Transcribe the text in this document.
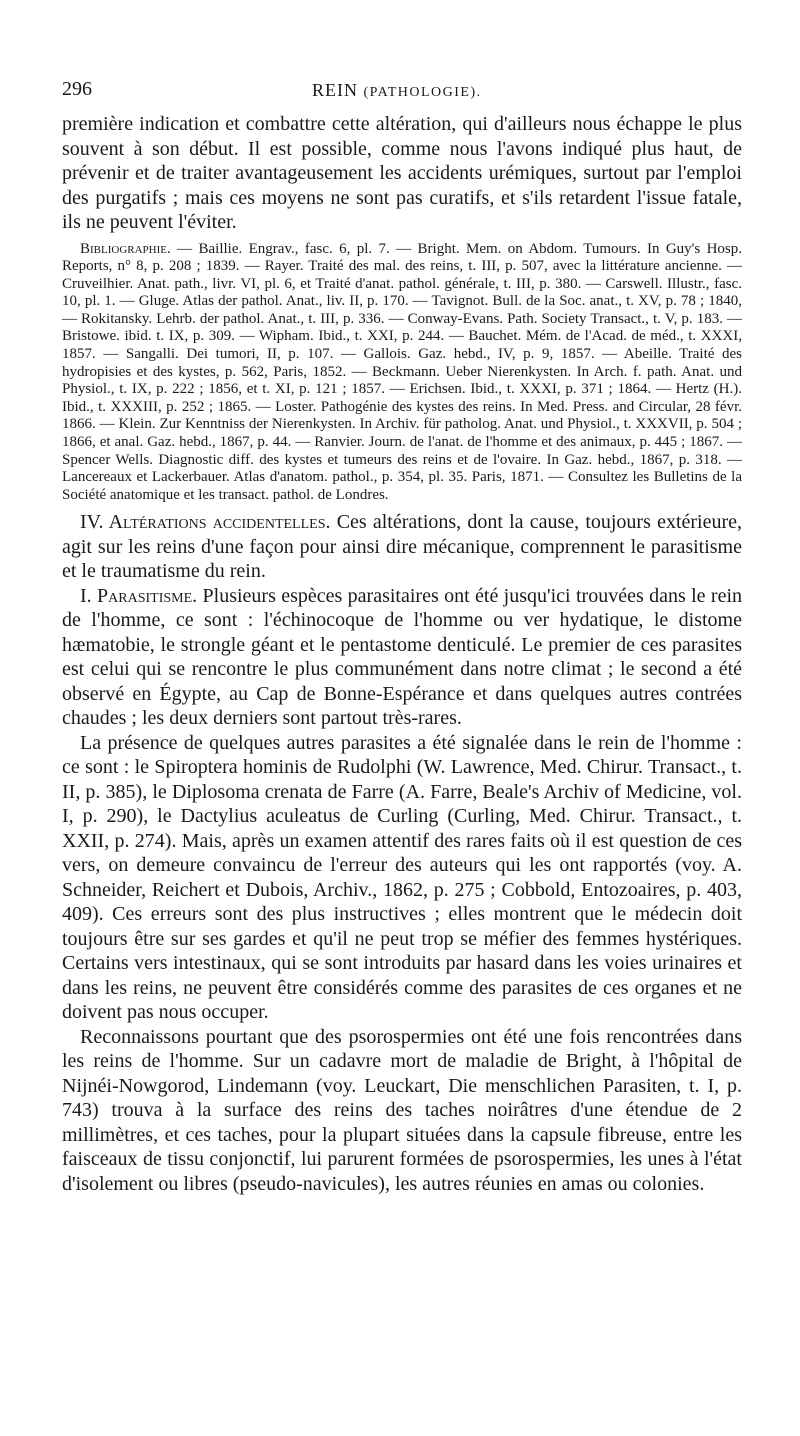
296	REIN (PATHOLOGIE).

première indication et combattre cette altération, qui d'ailleurs nous échappe le plus souvent à son début. Il est possible, comme nous l'avons indiqué plus haut, de prévenir et de traiter avantageusement les accidents urémiques, surtout par l'emploi des purgatifs ; mais ces moyens ne sont pas curatifs, et s'ils retardent l'issue fatale, ils ne peuvent l'éviter.

Bibliographie. — Baillie. Engrav., fasc. 6, pl. 7. — Bright. Mem. on Abdom. Tumours. In Guy's Hosp. Reports, n° 8, p. 208 ; 1839. — Rayer. Traité des mal. des reins, t. III, p. 507, avec la littérature ancienne. — Cruveilhier. Anat. path., livr. VI, pl. 6, et Traité d'anat. pathol. générale, t. III, p. 380. — Carswell. Illustr., fasc. 10, pl. 1. — Gluge. Atlas der pathol. Anat., liv. II, p. 170. — Tavignot. Bull. de la Soc. anat., t. XV, p. 78 ; 1840, — Rokitansky. Lehrb. der pathol. Anat., t. III, p. 336. — Conway-Evans. Path. Society Transact., t. V, p. 183. — Bristowe. ibid. t. IX, p. 309. — Wipham. Ibid., t. XXI, p. 244. — Bauchet. Mém. de l'Acad. de méd., t. XXXI, 1857. — Sangalli. Dei tumori, II, p. 107. — Gallois. Gaz. hebd., IV, p. 9, 1857. — Abeille. Traité des hydropisies et des kystes, p. 562, Paris, 1852. — Beckmann. Ueber Nierenkysten. In Arch. f. path. Anat. und Physiol., t. IX, p. 222 ; 1856, et t. XI, p. 121 ; 1857. — Erichsen. Ibid., t. XXXI, p. 371 ; 1864. — Hertz (H.). Ibid., t. XXXIII, p. 252 ; 1865. — Loster. Pathogénie des kystes des reins. In Med. Press. and Circular, 28 févr. 1866. — Klein. Zur Kenntniss der Nierenkysten. In Archiv. für patholog. Anat. und Physiol., t. XXXVII, p. 504 ; 1866, et anal. Gaz. hebd., 1867, p. 44. — Ranvier. Journ. de l'anat. de l'homme et des animaux, p. 445 ; 1867. — Spencer Wells. Diagnostic diff. des kystes et tumeurs des reins et de l'ovaire. In Gaz. hebd., 1867, p. 318. — Lancereaux et Lackerbauer. Atlas d'anatom. pathol., p. 354, pl. 35. Paris, 1871. — Consultez les Bulletins de la Société anatomique et les transact. pathol. de Londres.

IV. Altérations accidentelles. Ces altérations, dont la cause, toujours extérieure, agit sur les reins d'une façon pour ainsi dire mécanique, comprennent le parasitisme et le traumatisme du rein.

I. Parasitisme. Plusieurs espèces parasitaires ont été jusqu'ici trouvées dans le rein de l'homme, ce sont : l'échinocoque de l'homme ou ver hydatique, le distome hæmatobie, le strongle géant et le pentastome denticulé. Le premier de ces parasites est celui qui se rencontre le plus communément dans notre climat ; le second a été observé en Égypte, au Cap de Bonne-Espérance et dans quelques autres contrées chaudes ; les deux derniers sont partout très-rares.

La présence de quelques autres parasites a été signalée dans le rein de l'homme : ce sont : le Spiroptera hominis de Rudolphi (W. Lawrence, Med. Chirur. Transact., t. II, p. 385), le Diplosoma crenata de Farre (A. Farre, Beale's Archiv of Medicine, vol. I, p. 290), le Dactylius aculeatus de Curling (Curling, Med. Chirur. Transact., t. XXII, p. 274). Mais, après un examen attentif des rares faits où il est question de ces vers, on demeure convaincu de l'erreur des auteurs qui les ont rapportés (voy. A. Schneider, Reichert et Dubois, Archiv., 1862, p. 275 ; Cobbold, Entozoaires, p. 403, 409). Ces erreurs sont des plus instructives ; elles montrent que le médecin doit toujours être sur ses gardes et qu'il ne peut trop se méfier des femmes hystériques. Certains vers intestinaux, qui se sont introduits par hasard dans les voies urinaires et dans les reins, ne peuvent être considérés comme des parasites de ces organes et ne doivent pas nous occuper.

Reconnaissons pourtant que des psorospermies ont été une fois rencontrées dans les reins de l'homme. Sur un cadavre mort de maladie de Bright, à l'hôpital de Nijnéi-Nowgorod, Lindemann (voy. Leuckart, Die menschlichen Parasiten, t. I, p. 743) trouva à la surface des reins des taches noirâtres d'une étendue de 2 millimètres, et ces taches, pour la plupart situées dans la capsule fibreuse, entre les faisceaux de tissu conjonctif, lui parurent formées de psorospermies, les unes à l'état d'isolement ou libres (pseudo-navicules), les autres réunies en amas ou colonies.
